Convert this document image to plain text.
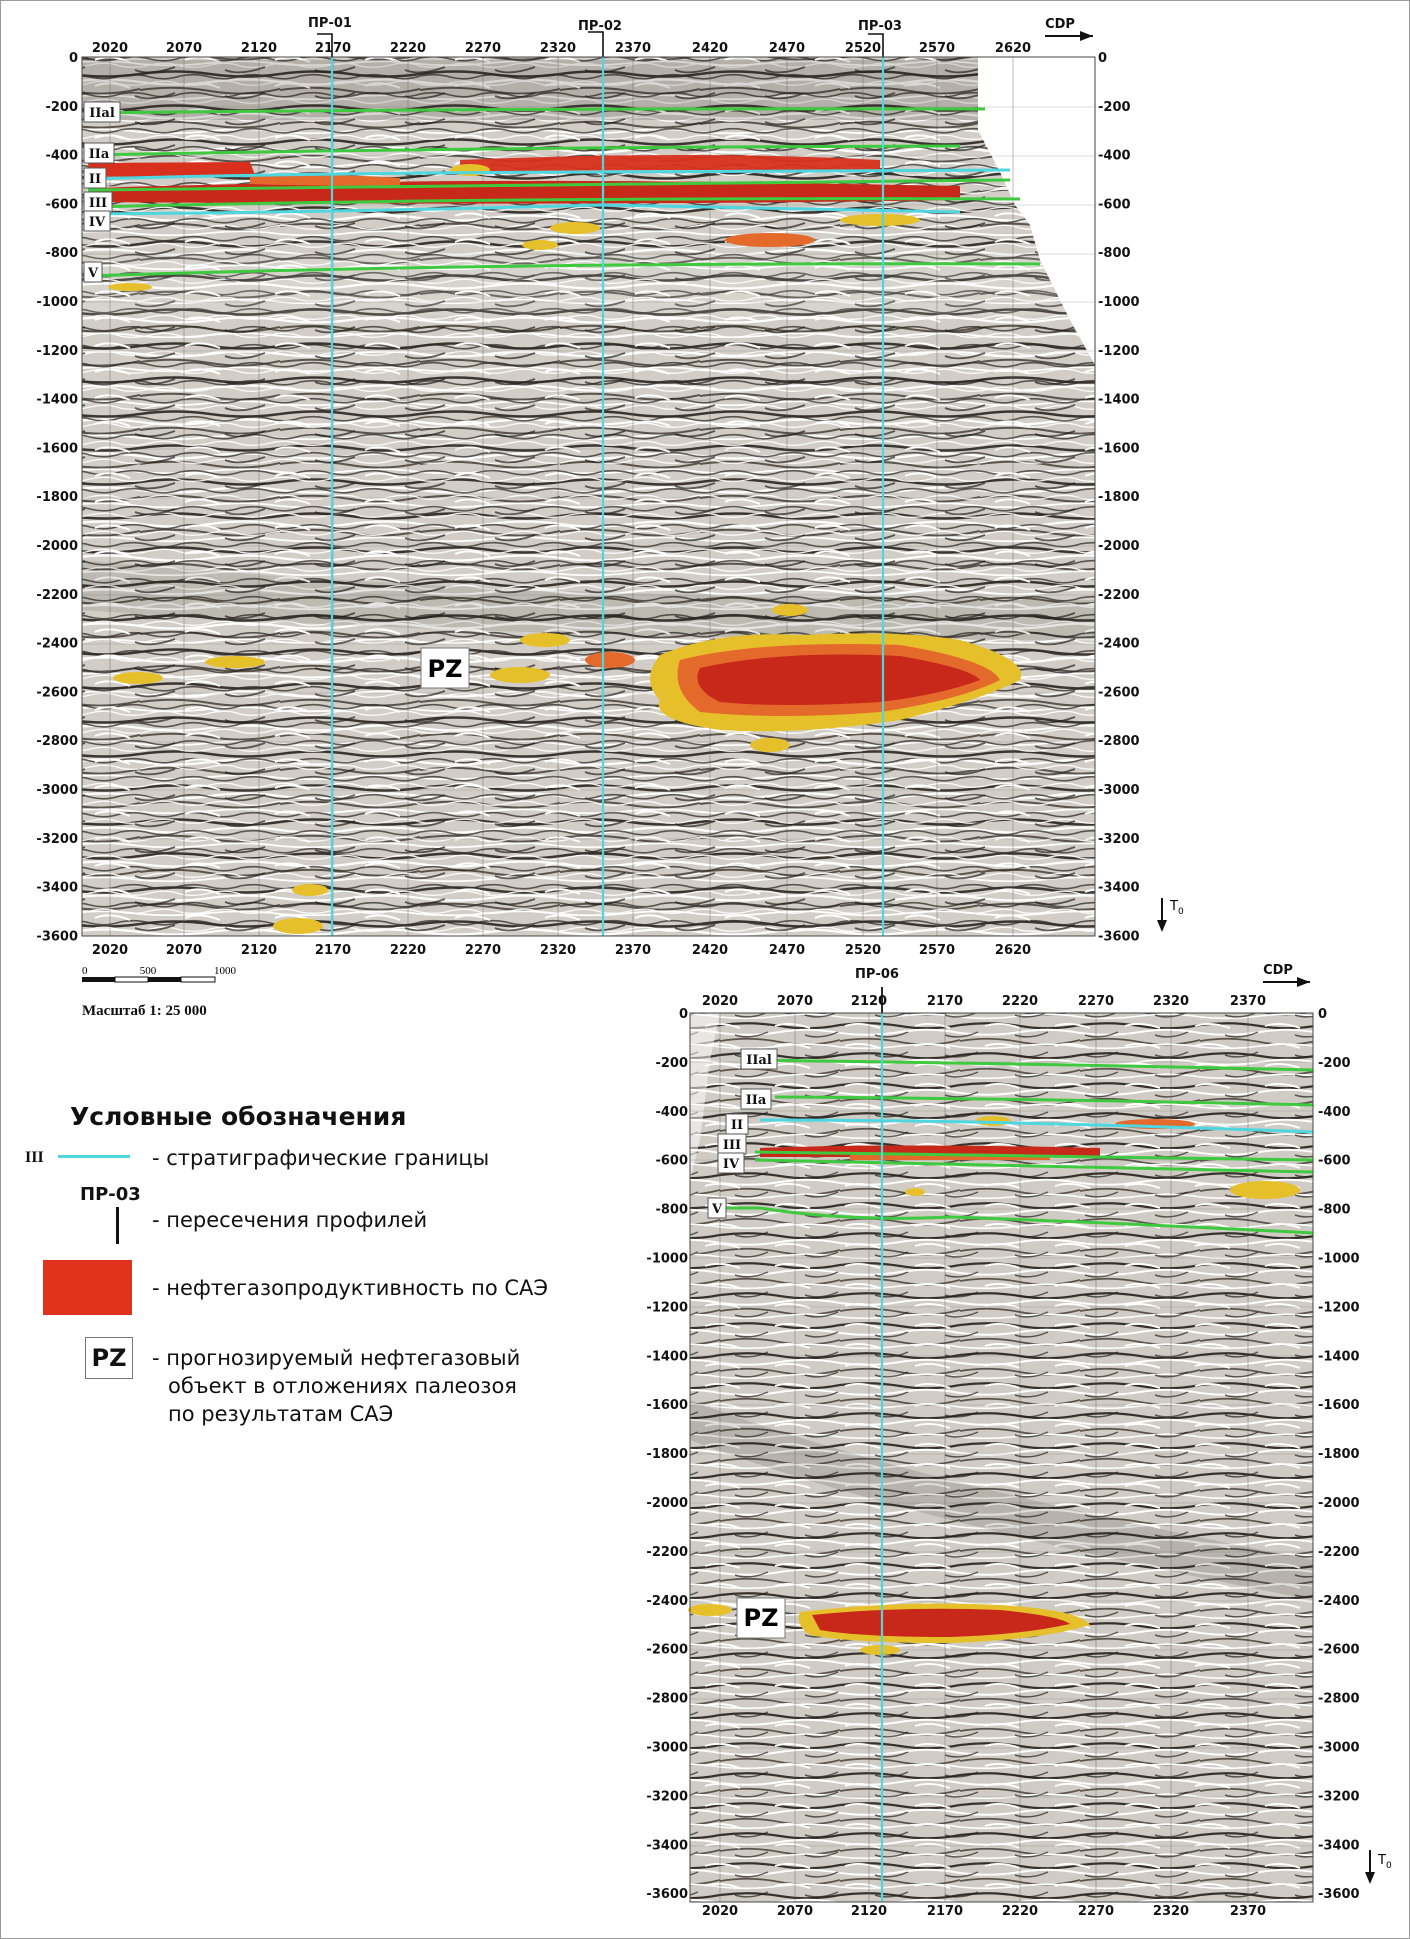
ПР-01	ПР-02	ПР-03	CDP
IIal
IIa
II
III
IV
V
PZ
$T_0$
2020
2020
2070
2070
2120
2120
2170
2170
2220
2220
2270
2270
2320
2320
2370
2370
2420
2420
2470
2470
2520
2520
2570
2570
2620
2620
0	0
-200	-200
-400	-400
-600	-600
-800	-800
-1000	-1000
-1200	-1200
-1400	-1400
-1600	-1600
-1800	-1800
-2000	-2000
-2200	-2200
-2400	-2400
-2600	-2600
-2800	-2800
-3000	-3000
-3200	-3200
-3400	-3400
-3600	-3600
ПР-06	CDP
IIal
IIa
II
III
IV
V
PZ
$T_0$
2020
2020
2070
2070
2120
2120
2170
2170
2220
2220
2270
2270
2320
2320
2370
2370
0	0
-200	-200
-400	-400
-600	-600
-800	-800
-1000	-1000
-1200	-1200
-1400	-1400
-1600	-1600
-1800	-1800
-2000	-2000
-2200	-2200
-2400	-2400
-2600	-2600
-2800	-2800
-3000	-3000
-3200	-3200
-3400	-3400
-3600	-3600
0	500	1000
Масштаб 1: 25 000
Условные обозначения
III	- стратиграфические границы
ПР-03
- пересечения профилей
- нефтегазопродуктивность по САЭ
PZ	- прогнозируемый нефтегазовый
объект в отложениях палеозоя
по результатам САЭ
